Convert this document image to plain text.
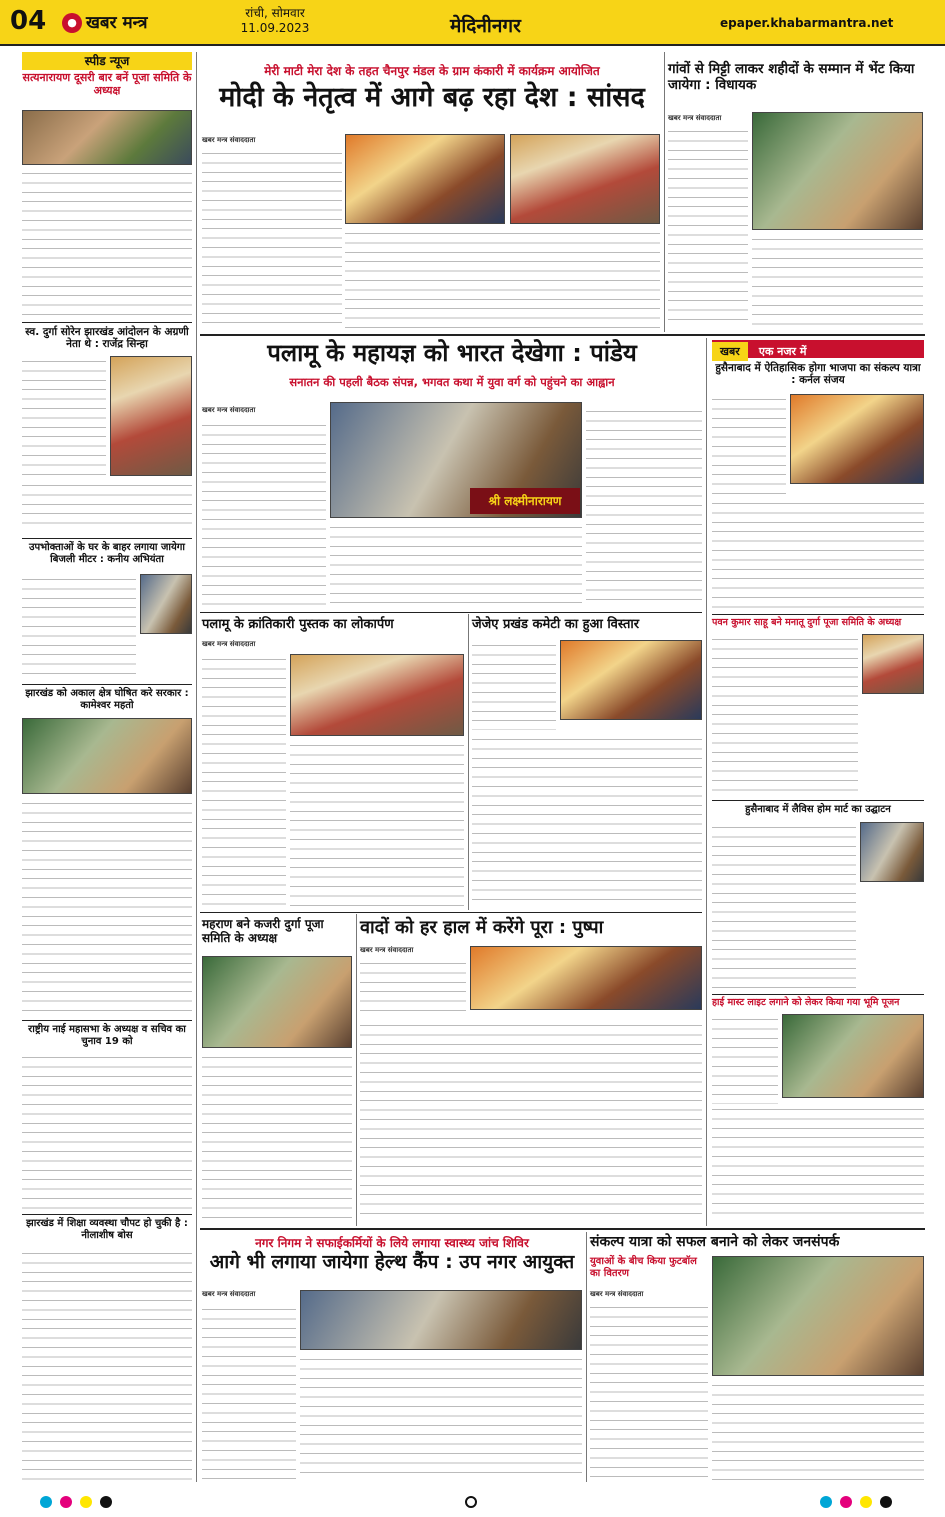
04	● खबर मन्त्र	रांची, सोमवार
11.09.2023	मेदिनीनगर	epaper.khabarmantra.net
स्पीड न्यूज
सत्यनारायण दूसरी बार बनें पूजा समिति के अध्यक्ष
स्व. दुर्गा सोरेन झारखंड आंदोलन के अग्रणी नेता थे : राजेंद्र सिन्हा
उपभोक्ताओं के घर के बाहर लगाया जायेगा बिजली मीटर : कनीय अभियंता
झारखंड को अकाल क्षेत्र घोषित करे सरकार : कामेश्वर महतो
राष्ट्रीय नाई महासभा के अध्यक्ष व सचिव का चुनाव 19 को
झारखंड में शिक्षा व्यवस्था चौपट हो चुकी है : नीलाशीष बोस
मेरी माटी मेरा देश के तहत चैनपुर मंडल के ग्राम कंकारी में कार्यक्रम आयोजित
मोदी के नेतृत्व में आगे बढ़ रहा देश : सांसद
खबर मन्त्र संवाददाता
गांवों से मिट्टी लाकर शहीदों के सम्मान में भेंट किया जायेगा : विधायक
खबर मन्त्र संवाददाता
पलामू के महायज्ञ को भारत देखेगा : पांडेय
सनातन की पहली बैठक संपन्न, भगवत कथा में युवा वर्ग को पहुंचने का आह्वान
खबर मन्त्र संवाददाता
श्री लक्ष्मीनारायण
खबर एक नजर में
हुसैनाबाद में ऐतिहासिक होगा भाजपा का संकल्प यात्रा : कर्नल संजय
पवन कुमार साहू बने मनातू दुर्गा पूजा समिति के अध्यक्ष
हुसैनाबाद में लैविस होम मार्ट का उद्घाटन
हाई मास्ट लाइट लगाने को लेकर किया गया भूमि पूजन
पलामू के क्रांतिकारी पुस्तक का लोकार्पण
खबर मन्त्र संवाददाता
जेजेए प्रखंड कमेटी का हुआ विस्तार
महराण बने कजरी दुर्गा पूजा समिति के अध्यक्ष	वादों को हर हाल में करेंगे पूरा : पुष्पा
खबर मन्त्र संवाददाता
नगर निगम ने सफाईकर्मियों के लिये लगाया स्वास्थ्य जांच शिविर
आगे भी लगाया जायेगा हेल्थ कैंप : उप नगर आयुक्त
खबर मन्त्र संवाददाता
संकल्प यात्रा को सफल बनाने को लेकर जनसंपर्क
युवाओं के बीच किया फुटबॉल का वितरण
खबर मन्त्र संवाददाता
